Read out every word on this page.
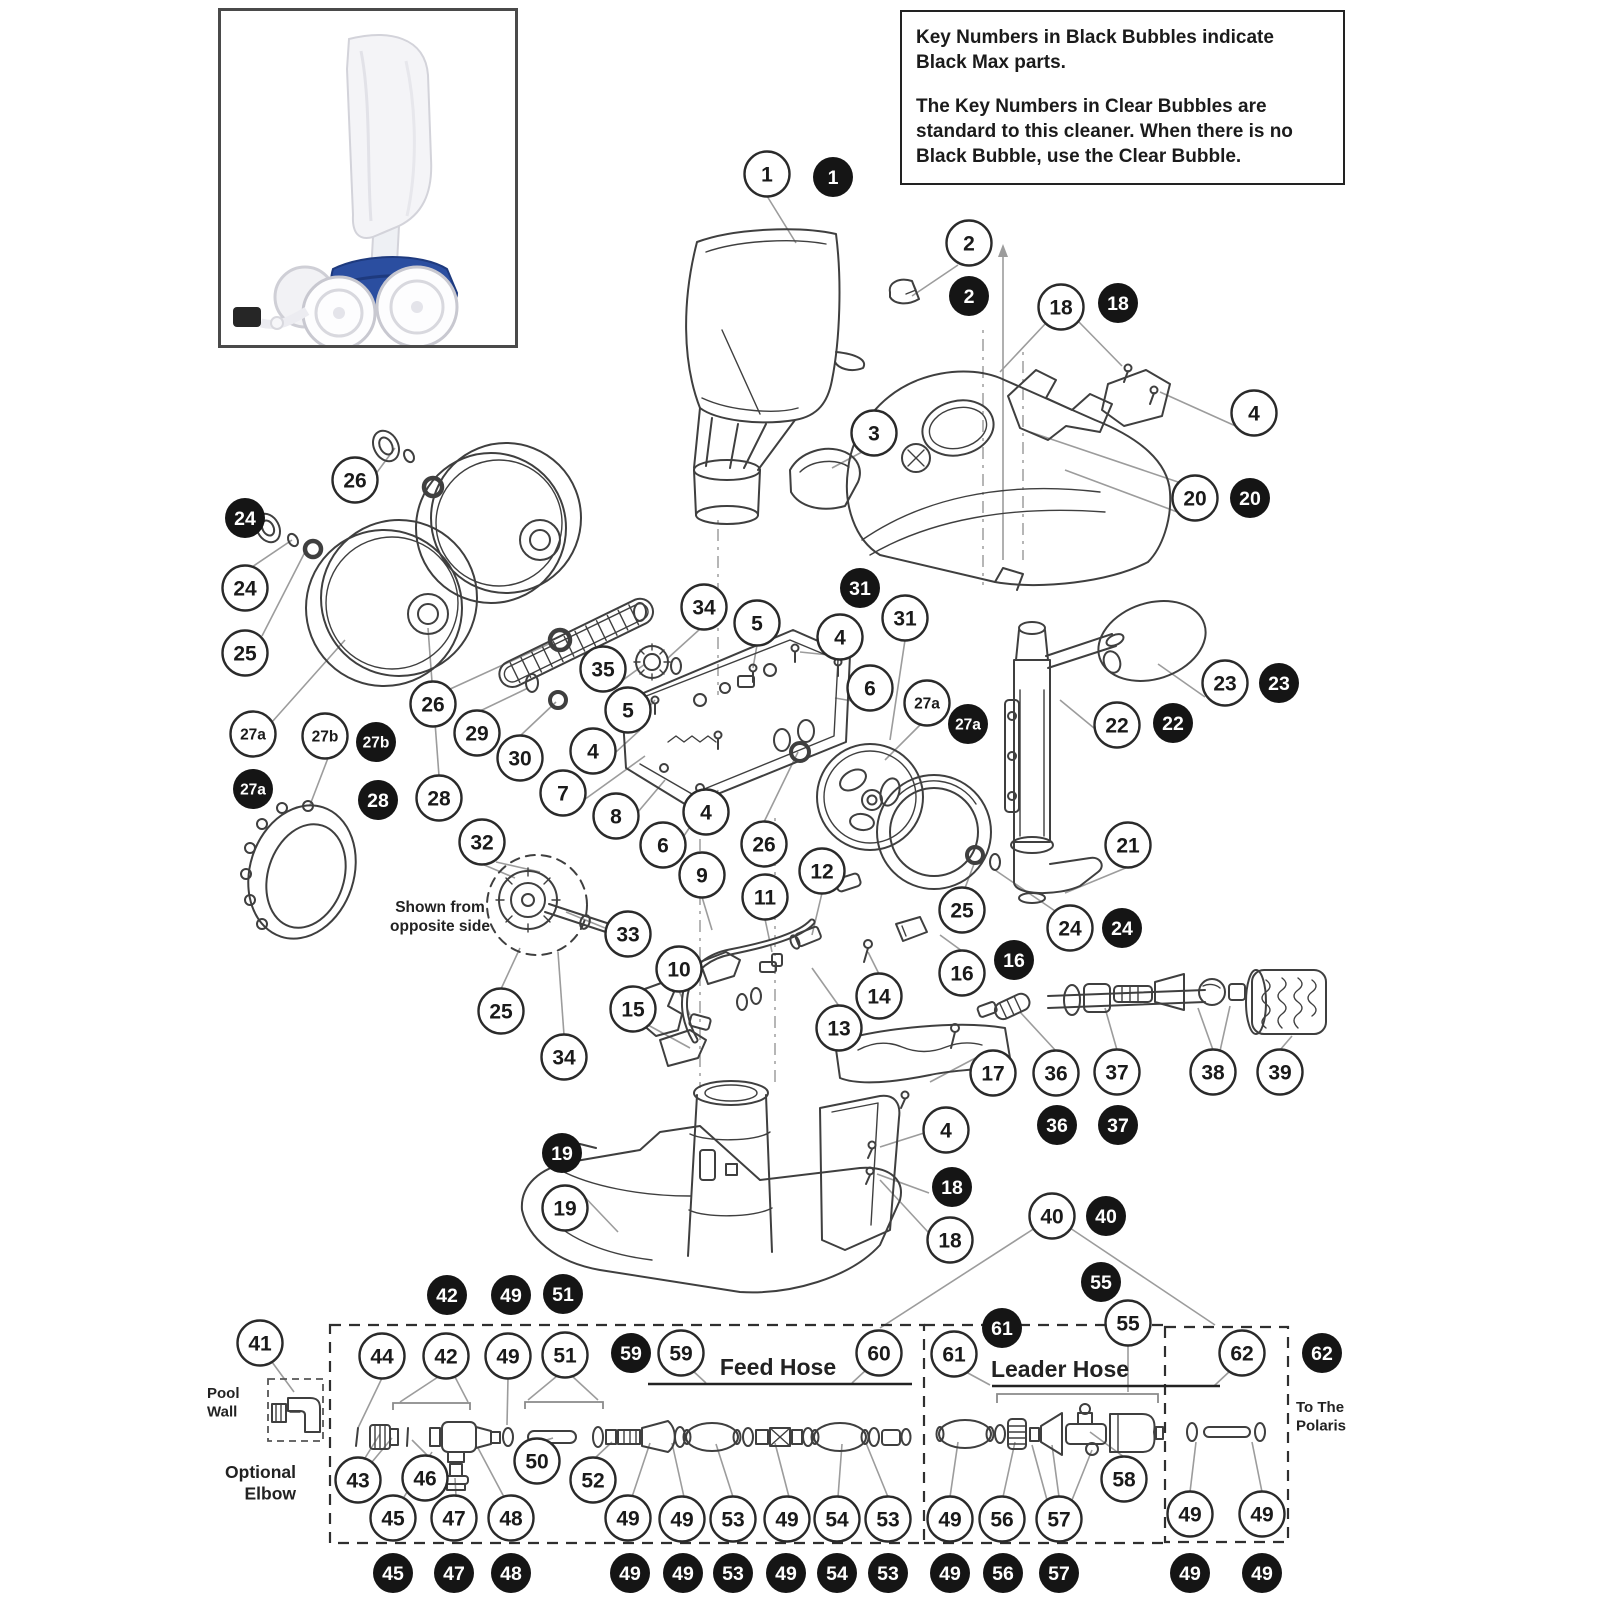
Key Numbers in Black Bubbles indicate Black Max parts.

The Key Numbers in Clear Bubbles are standard to this cleaner. When there is no Black Bubble, use the Clear Bubble.

Shown from opposite side
Pool Wall
Optional Elbow
Feed Hose	Leader Hose
To The Polaris
1	1
2
2	18 18
4
20 20
3
31
31
26
24
24
25
27a	27b 27b
27a	28 28
26
29
30
34
5
35
5
4
6
4
7
8	4
6	26
9	12
11
32
33
25
34
10
15
13
14
27a
27a
23 23
22 22
21
25
24 24
16
16
17 36 37	38 39
36 37
4
18
18
19
19	40 40
55
55
42 49 51
41
44 42 49 51 59 59	60 61
61
62	62
43 46
50
52
45 47 48	49 49 53 49 54 53 49 56 57
58
49 49
45 47 48	49 49 53 49 54 53 49 56 57	49	49
